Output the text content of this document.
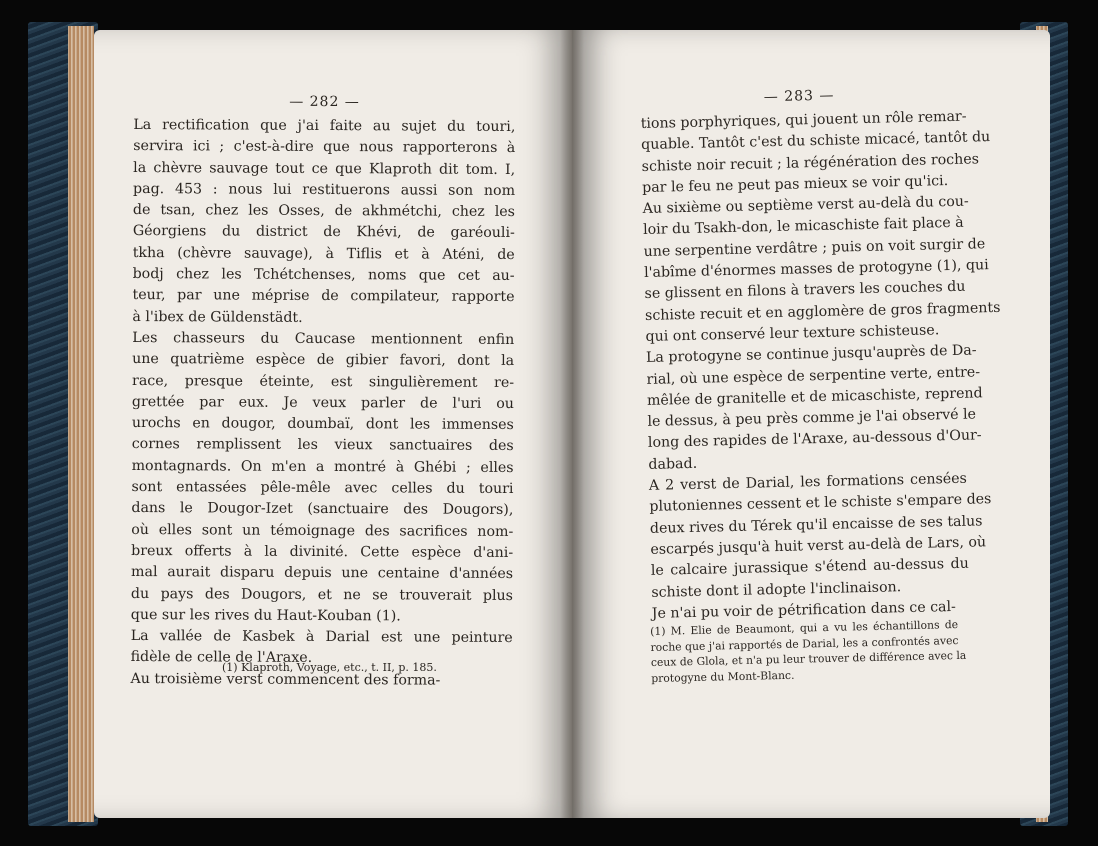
— 282 —
La rectification que j'ai faite au sujet du touri,
servira ici ; c'est-à-dire que nous rapporterons à
la chèvre sauvage tout ce que Klaproth dit tom. I,
pag. 453 : nous lui restituerons aussi son nom
de tsan, chez les Osses, de akhmétchi, chez les
Géorgiens du district de Khévi, de garéouli-
tkha (chèvre sauvage), à Tiflis et à Aténi, de
bodj chez les Tchétchenses, noms que cet au-
teur, par une méprise de compilateur, rapporte
à l'ibex de Güldenstädt.
Les chasseurs du Caucase mentionnent enfin
une quatrième espèce de gibier favori, dont la
race, presque éteinte, est singulièrement re-
grettée par eux. Je veux parler de l'uri ou
urochs en dougor, doumbaï, dont les immenses
cornes remplissent les vieux sanctuaires des
montagnards. On m'en a montré à Ghébi ; elles
sont entassées pêle-mêle avec celles du touri
dans le Dougor-Izet (sanctuaire des Dougors),
où elles sont un témoignage des sacrifices nom-
breux offerts à la divinité. Cette espèce d'ani-
mal aurait disparu depuis une centaine d'années
du pays des Dougors, et ne se trouverait plus
que sur les rives du Haut-Kouban (1).
La vallée de Kasbek à Darial est une peinture
fidèle de celle de l'Araxe.
Au troisième verst commencent des forma-
(1) Klaproth, Voyage, etc., t. II, p. 185.
— 283 —
tions porphyriques, qui jouent un rôle remar-
quable. Tantôt c'est du schiste micacé, tantôt du
schiste noir recuit ; la régénération des roches
par le feu ne peut pas mieux se voir qu'ici.
Au sixième ou septième verst au-delà du cou-
loir du Tsakh-don, le micaschiste fait place à
une serpentine verdâtre ; puis on voit surgir de
l'abîme d'énormes masses de protogyne (1), qui
se glissent en filons à travers les couches du
schiste recuit et en agglomère de gros fragments
qui ont conservé leur texture schisteuse.
La protogyne se continue jusqu'auprès de Da-
rial, où une espèce de serpentine verte, entre-
mêlée de granitelle et de micaschiste, reprend
le dessus, à peu près comme je l'ai observé le
long des rapides de l'Araxe, au-dessous d'Our-
dabad.
A 2 verst de Darial, les formations censées
plutoniennes cessent et le schiste s'empare des
deux rives du Térek qu'il encaisse de ses talus
escarpés jusqu'à huit verst au-delà de Lars, où
le calcaire jurassique s'étend au-dessus du
schiste dont il adopte l'inclinaison.
Je n'ai pu voir de pétrification dans ce cal-
(1) M. Elie de Beaumont, qui a vu les échantillons de
roche que j'ai rapportés de Darial, les a confrontés avec
ceux de Glola, et n'a pu leur trouver de différence avec la
protogyne du Mont-Blanc.
